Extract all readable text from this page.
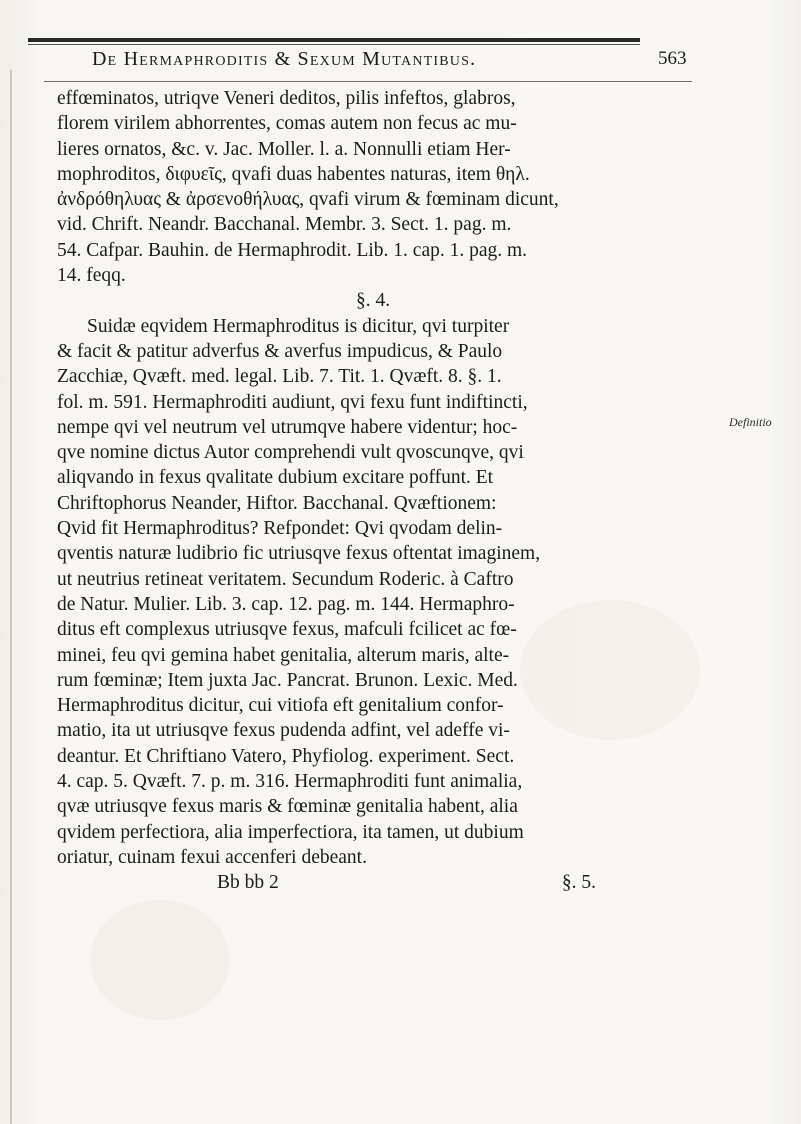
De Hermaphroditis & Sexum Mutantibus.	563
effœminatos, utriqve Veneri deditos, pilis infeftos, glabros,
florem virilem abhorrentes, comas autem non fecus ac mu-
lieres ornatos, &c. v. Jac. Moller. l. a. Nonnulli etiam Her-
mophroditos, διφυεῖς, qvafi duas habentes naturas, item θηλ.
ἀνδρόθηλυας & ἀρσενοθήλυας, qvafi virum & fœminam dicunt,
vid. Chrift. Neandr. Bacchanal. Membr. 3. Sect. 1. pag. m.
54. Cafpar. Bauhin. de Hermaphrodit. Lib. 1. cap. 1. pag. m.
14. feqq.
§. 4.
Suidæ eqvidem Hermaphroditus is dicitur, qvi turpiter
& facit & patitur adverfus & averfus impudicus, & Paulo
Zacchiæ, Qvæft. med. legal. Lib. 7. Tit. 1. Qvæft. 8. §. 1.
fol. m. 591. Hermaphroditi audiunt, qvi fexu funt indiftincti,
nempe qvi vel neutrum vel utrumqve habere videntur; hoc-
qve nomine dictus Autor comprehendi vult qvoscunqve, qvi
aliqvando in fexus qvalitate dubium excitare poffunt. Et
Chriftophorus Neander, Hiftor. Bacchanal. Qvæftionem:
Qvid fit Hermaphroditus? Refpondet: Qvi qvodam delin-
qventis naturæ ludibrio fic utriusqve fexus oftentat imaginem,
ut neutrius retineat veritatem. Secundum Roderic. à Caftro
de Natur. Mulier. Lib. 3. cap. 12. pag. m. 144. Hermaphro-
ditus eft complexus utriusqve fexus, mafculi fcilicet ac fœ-
minei, feu qvi gemina habet genitalia, alterum maris, alte-
rum fœminæ; Item juxta Jac. Pancrat. Brunon. Lexic. Med.
Hermaphroditus dicitur, cui vitiofa eft genitalium confor-
matio, ita ut utriusqve fexus pudenda adfint, vel adeffe vi-
deantur. Et Chriftiano Vatero, Phyfiolog. experiment. Sect.
4. cap. 5. Qvæft. 7. p. m. 316. Hermaphroditi funt animalia,
qvæ utriusqve fexus maris & fœminæ genitalia habent, alia
qvidem perfectiora, alia imperfectiora, ita tamen, ut dubium
oriatur, cuinam fexui accenferi debeant.
Bb bb 2	§. 5.
Definitio
